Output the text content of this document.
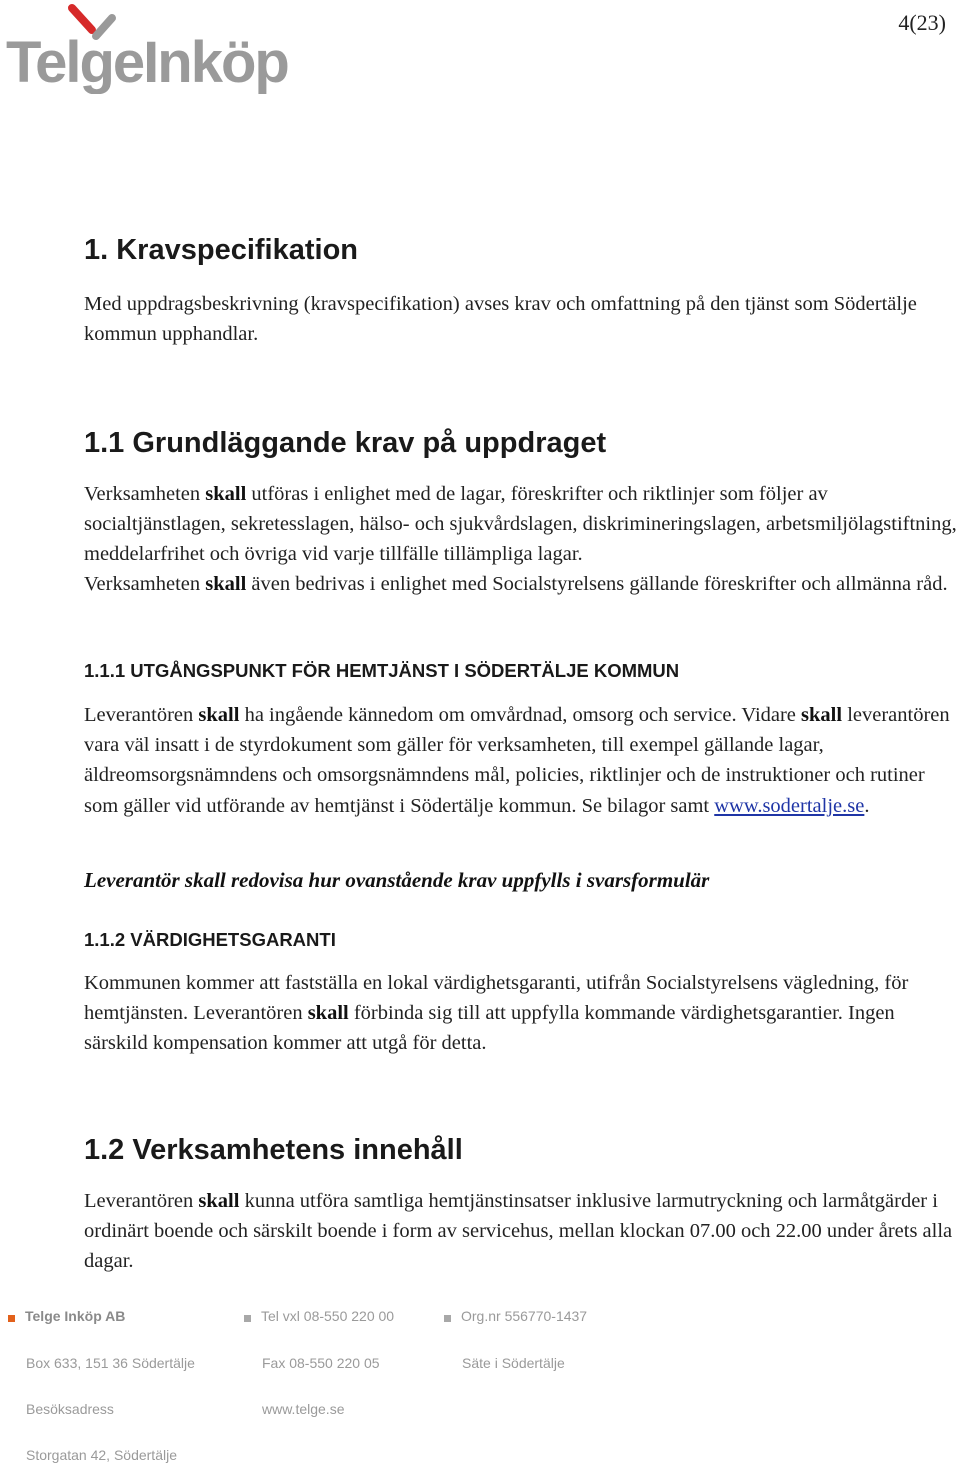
TelgeInköp
4(23)
1. Kravspecifikation

Med uppdragsbeskrivning (kravspecifikation) avses krav och omfattning på den tjänst som Södertälje kommun upphandlar.

1.1 Grundläggande krav på uppdraget

Verksamheten skall utföras i enlighet med de lagar, föreskrifter och riktlinjer som följer av socialtjänstlagen, sekretesslagen, hälso- och sjukvårdslagen, diskrimineringslagen, arbetsmiljölagstiftning, meddelarfrihet och övriga vid varje tillfälle tillämpliga lagar.

Verksamheten skall även bedrivas i enlighet med Socialstyrelsens gällande föreskrifter och allmänna råd.

1.1.1 UTGÅNGSPUNKT FÖR HEMTJÄNST I SÖDERTÄLJE KOMMUN

Leverantören skall ha ingående kännedom om omvårdnad, omsorg och service. Vidare skall leverantören vara väl insatt i de styrdokument som gäller för verksamheten, till exempel gällande lagar, äldreomsorgsnämndens och omsorgsnämndens mål, policies, riktlinjer och de instruktioner och rutiner som gäller vid utförande av hemtjänst i Södertälje kommun. Se bilagor samt www.sodertalje.se.

Leverantör skall redovisa hur ovanstående krav uppfylls i svarsformulär

1.1.2 VÄRDIGHETSGARANTI

Kommunen kommer att fastställa en lokal värdighetsgaranti, utifrån Socialstyrelsens vägledning, för hemtjänsten. Leverantören skall förbinda sig till att uppfylla kommande värdighetsgarantier. Ingen särskild kompensation kommer att utgå för detta.

1.2 Verksamhetens innehåll

Leverantören skall kunna utföra samtliga hemtjänstinsatser inklusive larmutryckning och larmåtgärder i ordinärt boende och särskilt boende i form av servicehus, mellan klockan 07.00 och 22.00 under årets alla dagar.

Telge Inköp AB	Tel vxl 08-550 220 00	Org.nr 556770-1437
Box 633, 151 36 Södertälje	Fax 08-550 220 05	Säte i Södertälje
Besöksadress	www.telge.se
Storgatan 42, Södertälje
